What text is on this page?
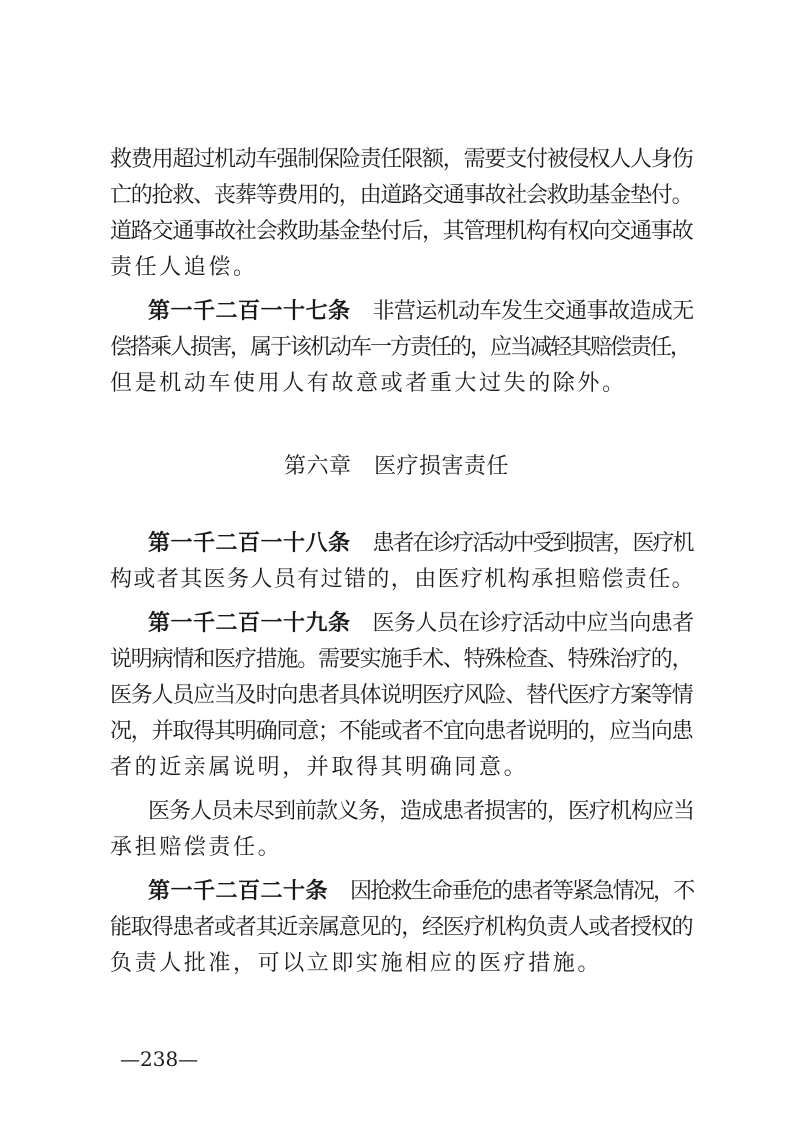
救费用超过机动车强制保险责任限额，需要支付被侵权人人身伤
亡的抢救、丧葬等费用的，由道路交通事故社会救助基金垫付。
道路交通事故社会救助基金垫付后，其管理机构有权向交通事故
责任人追偿。
第一千二百一十七条 非营运机动车发生交通事故造成无
偿搭乘人损害，属于该机动车一方责任的，应当减轻其赔偿责任，
但是机动车使用人有故意或者重大过失的除外。
第六章　医疗损害责任
第一千二百一十八条 患者在诊疗活动中受到损害，医疗机
构或者其医务人员有过错的，由医疗机构承担赔偿责任。
第一千二百一十九条 医务人员在诊疗活动中应当向患者
说明病情和医疗措施。需要实施手术、特殊检查、特殊治疗的，
医务人员应当及时向患者具体说明医疗风险、替代医疗方案等情
况，并取得其明确同意；不能或者不宜向患者说明的，应当向患
者的近亲属说明，并取得其明确同意。
医务人员未尽到前款义务，造成患者损害的，医疗机构应当
承担赔偿责任。
第一千二百二十条 因抢救生命垂危的患者等紧急情况，不
能取得患者或者其近亲属意见的，经医疗机构负责人或者授权的
负责人批准，可以立即实施相应的医疗措施。
—238—
